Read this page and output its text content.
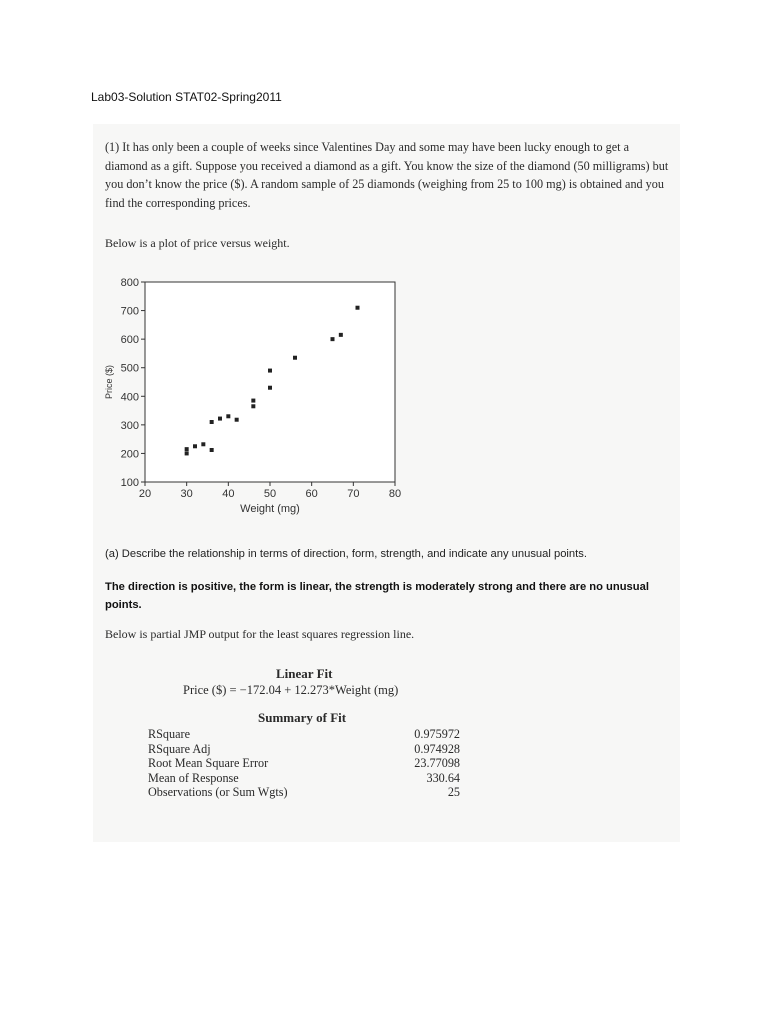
Lab03-Solution STAT02-Spring2011
(1) It has only been a couple of weeks since Valentines Day and some may have been lucky enough to get a diamond as a gift. Suppose you received a diamond as a gift. You know the size of the diamond (50 milligrams) but you don’t know the price ($). A random sample of 25 diamonds (weighing from 25 to 100 mg) is obtained and you find the corresponding prices.
Below is a plot of price versus weight.
100
200
300
400
500
600
700
800
20	30	40	50	60	70	80
Weight (mg)
Price ($)
(a) Describe the relationship in terms of direction, form, strength, and indicate any unusual points.
The direction is positive, the form is linear, the strength is moderately strong and there are no unusual points.
Below is partial JMP output for the least squares regression line.
Linear Fit
Price ($) = −172.04 + 12.273*Weight (mg)
Summary of Fit
RSquare	0.975972
RSquare Adj	0.974928
Root Mean Square Error	23.77098
Mean of Response	330.64
Observations (or Sum Wgts)	25
